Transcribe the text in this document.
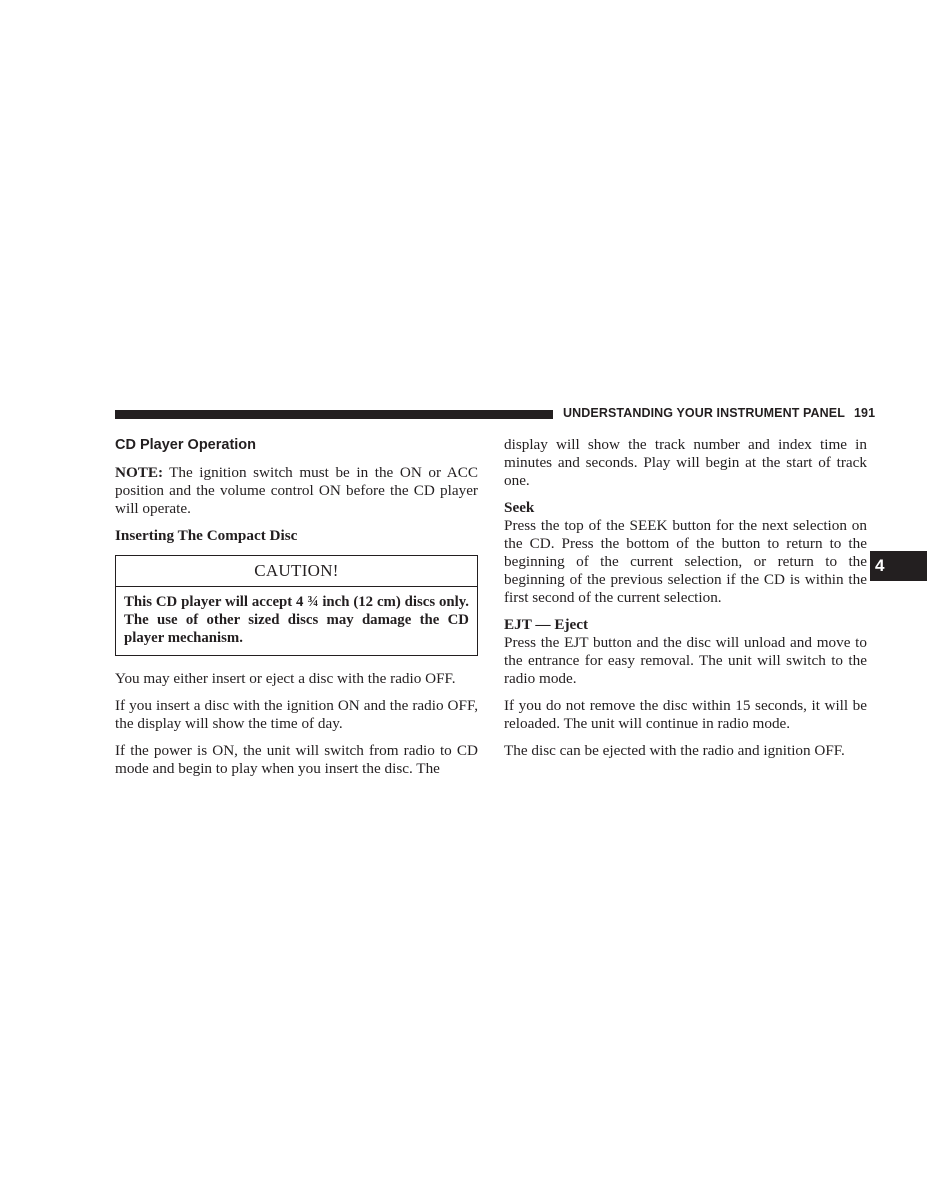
UNDERSTANDING YOUR INSTRUMENT PANEL 191
4
CD Player Operation

NOTE: The ignition switch must be in the ON or ACC position and the volume control ON before the CD player will operate.

Inserting The Compact Disc
CAUTION!
This CD player will accept 4 ¾ inch (12 cm) discs only. The use of other sized discs may damage the CD player mechanism.

You may either insert or eject a disc with the radio OFF.

If you insert a disc with the ignition ON and the radio OFF, the display will show the time of day.

If the power is ON, the unit will switch from radio to CD mode and begin to play when you insert the disc. The

display will show the track number and index time in minutes and seconds. Play will begin at the start of track one.

Seek

Press the top of the SEEK button for the next selection on the CD. Press the bottom of the button to return to the beginning of the current selection, or return to the beginning of the previous selection if the CD is within the first second of the current selection.

EJT — Eject

Press the EJT button and the disc will unload and move to the entrance for easy removal. The unit will switch to the radio mode.

If you do not remove the disc within 15 seconds, it will be reloaded. The unit will continue in radio mode.

The disc can be ejected with the radio and ignition OFF.
